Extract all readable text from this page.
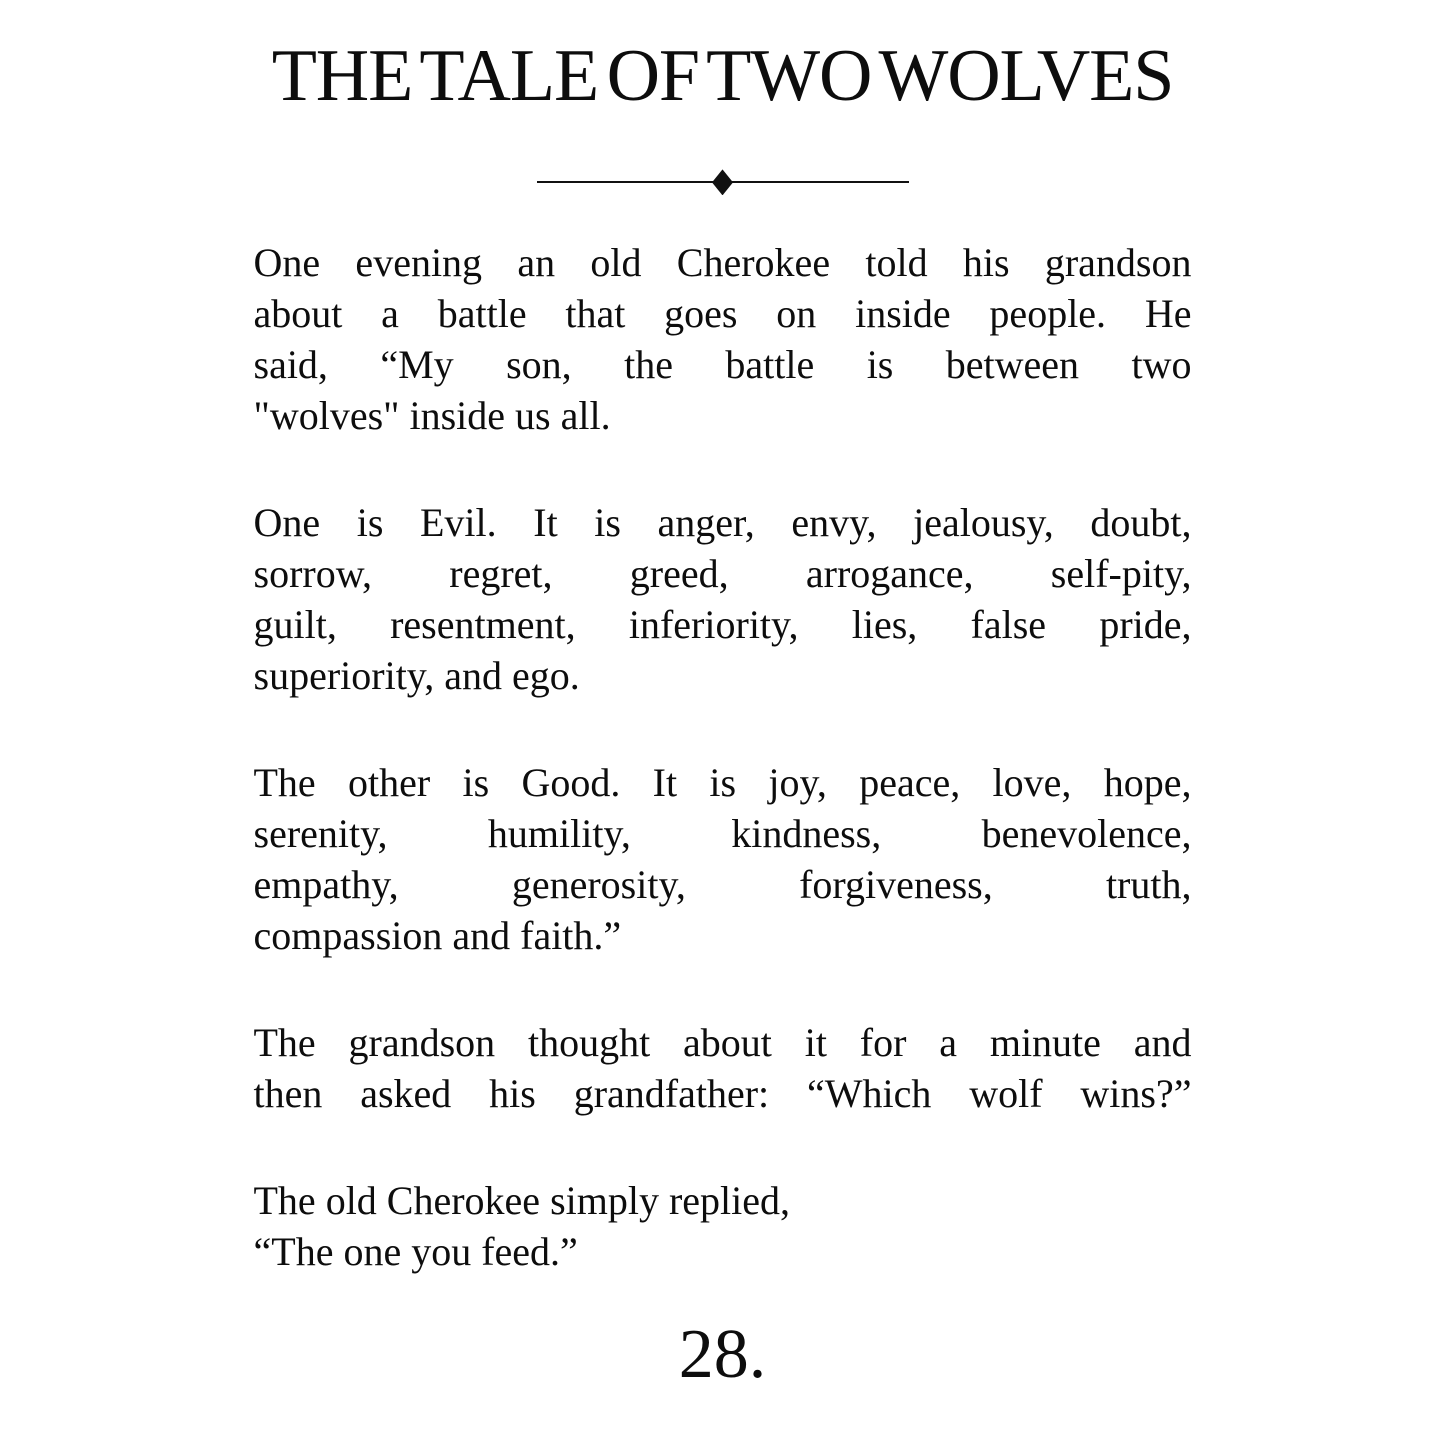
THE TALE OF TWO WOLVES
One evening an old Cherokee told his grandson
about a battle that goes on inside people. He
said, “My son, the battle is between two
"wolves" inside us all.
One is Evil. It is anger, envy, jealousy, doubt,
sorrow, regret, greed, arrogance, self-pity,
guilt, resentment, inferiority, lies, false pride,
superiority, and ego.
The other is Good. It is joy, peace, love, hope,
serenity, humility, kindness, benevolence,
empathy, generosity, forgiveness, truth,
compassion and faith.”
The grandson thought about it for a minute and
then asked his grandfather: “Which wolf wins?”
The old Cherokee simply replied,
“The one you feed.”
28.
